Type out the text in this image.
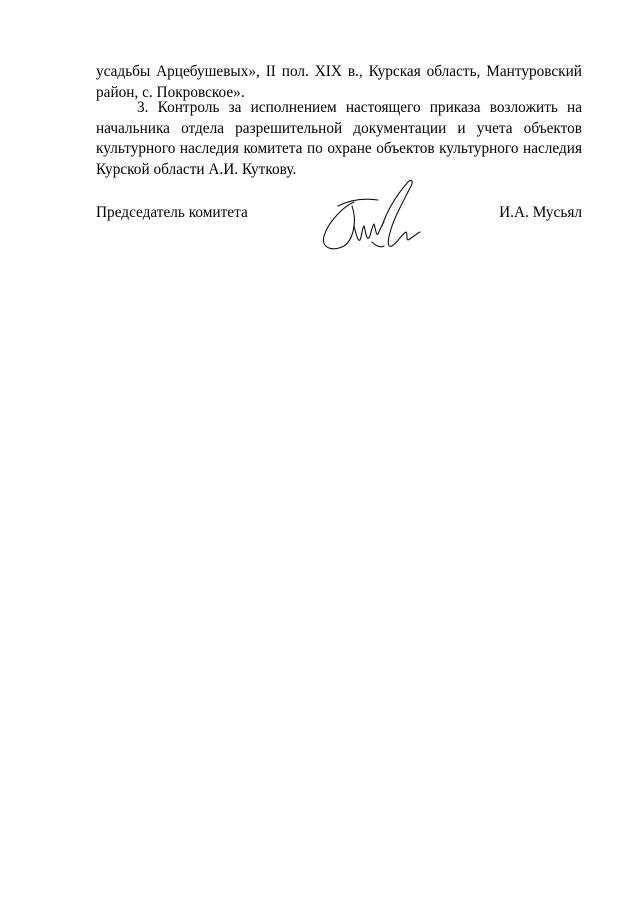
усадьбы Арцебушевых», II пол. XIX в., Курская область, Мантуровский район, с. Покровское».

3. Контроль за исполнением настоящего приказа возложить на начальника отдела разрешительной документации и учета объектов культурного наследия комитета по охране объектов культурного наследия Курской области А.И. Куткову.

Председатель комитета	И.А. Мусьял
